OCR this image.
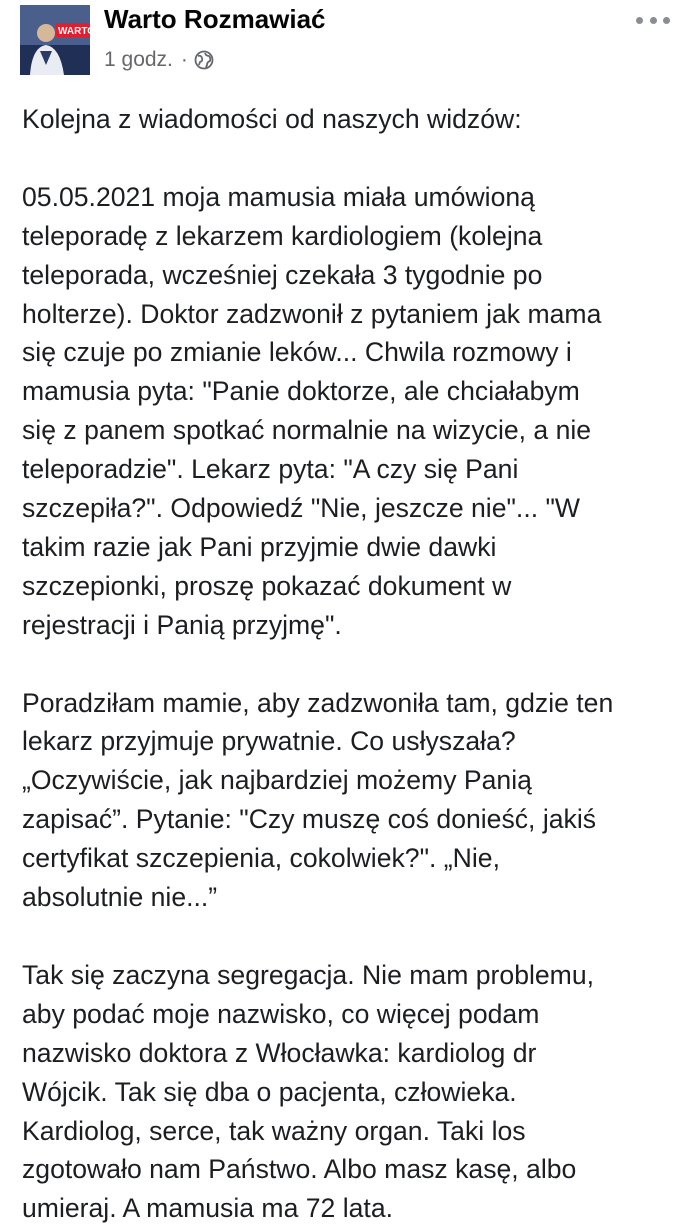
WARTO Warto Rozmawiać
1 godz. ·

Kolejna z wiadomości od naszych widzów:

05.05.2021 moja mamusia miała umówioną

teleporadę z lekarzem kardiologiem (kolejna

teleporada, wcześniej czekała 3 tygodnie po

holterze). Doktor zadzwonił z pytaniem jak mama

się czuje po zmianie leków... Chwila rozmowy i

mamusia pyta: "Panie doktorze, ale chciałabym

się z panem spotkać normalnie na wizycie, a nie

teleporadzie". Lekarz pyta: "A czy się Pani

szczepiła?". Odpowiedź "Nie, jeszcze nie"... "W

takim razie jak Pani przyjmie dwie dawki

szczepionki, proszę pokazać dokument w

rejestracji i Panią przyjmę".

Poradziłam mamie, aby zadzwoniła tam, gdzie ten

lekarz przyjmuje prywatnie. Co usłyszała?

„Oczywiście, jak najbardziej możemy Panią

zapisać”. Pytanie: "Czy muszę coś donieść, jakiś

certyfikat szczepienia, cokolwiek?". „Nie,

absolutnie nie...”

Tak się zaczyna segregacja. Nie mam problemu,

aby podać moje nazwisko, co więcej podam

nazwisko doktora z Włocławka: kardiolog dr

Wójcik. Tak się dba o pacjenta, człowieka.

Kardiolog, serce, tak ważny organ. Taki los

zgotowało nam Państwo. Albo masz kasę, albo

umieraj. A mamusia ma 72 lata.
